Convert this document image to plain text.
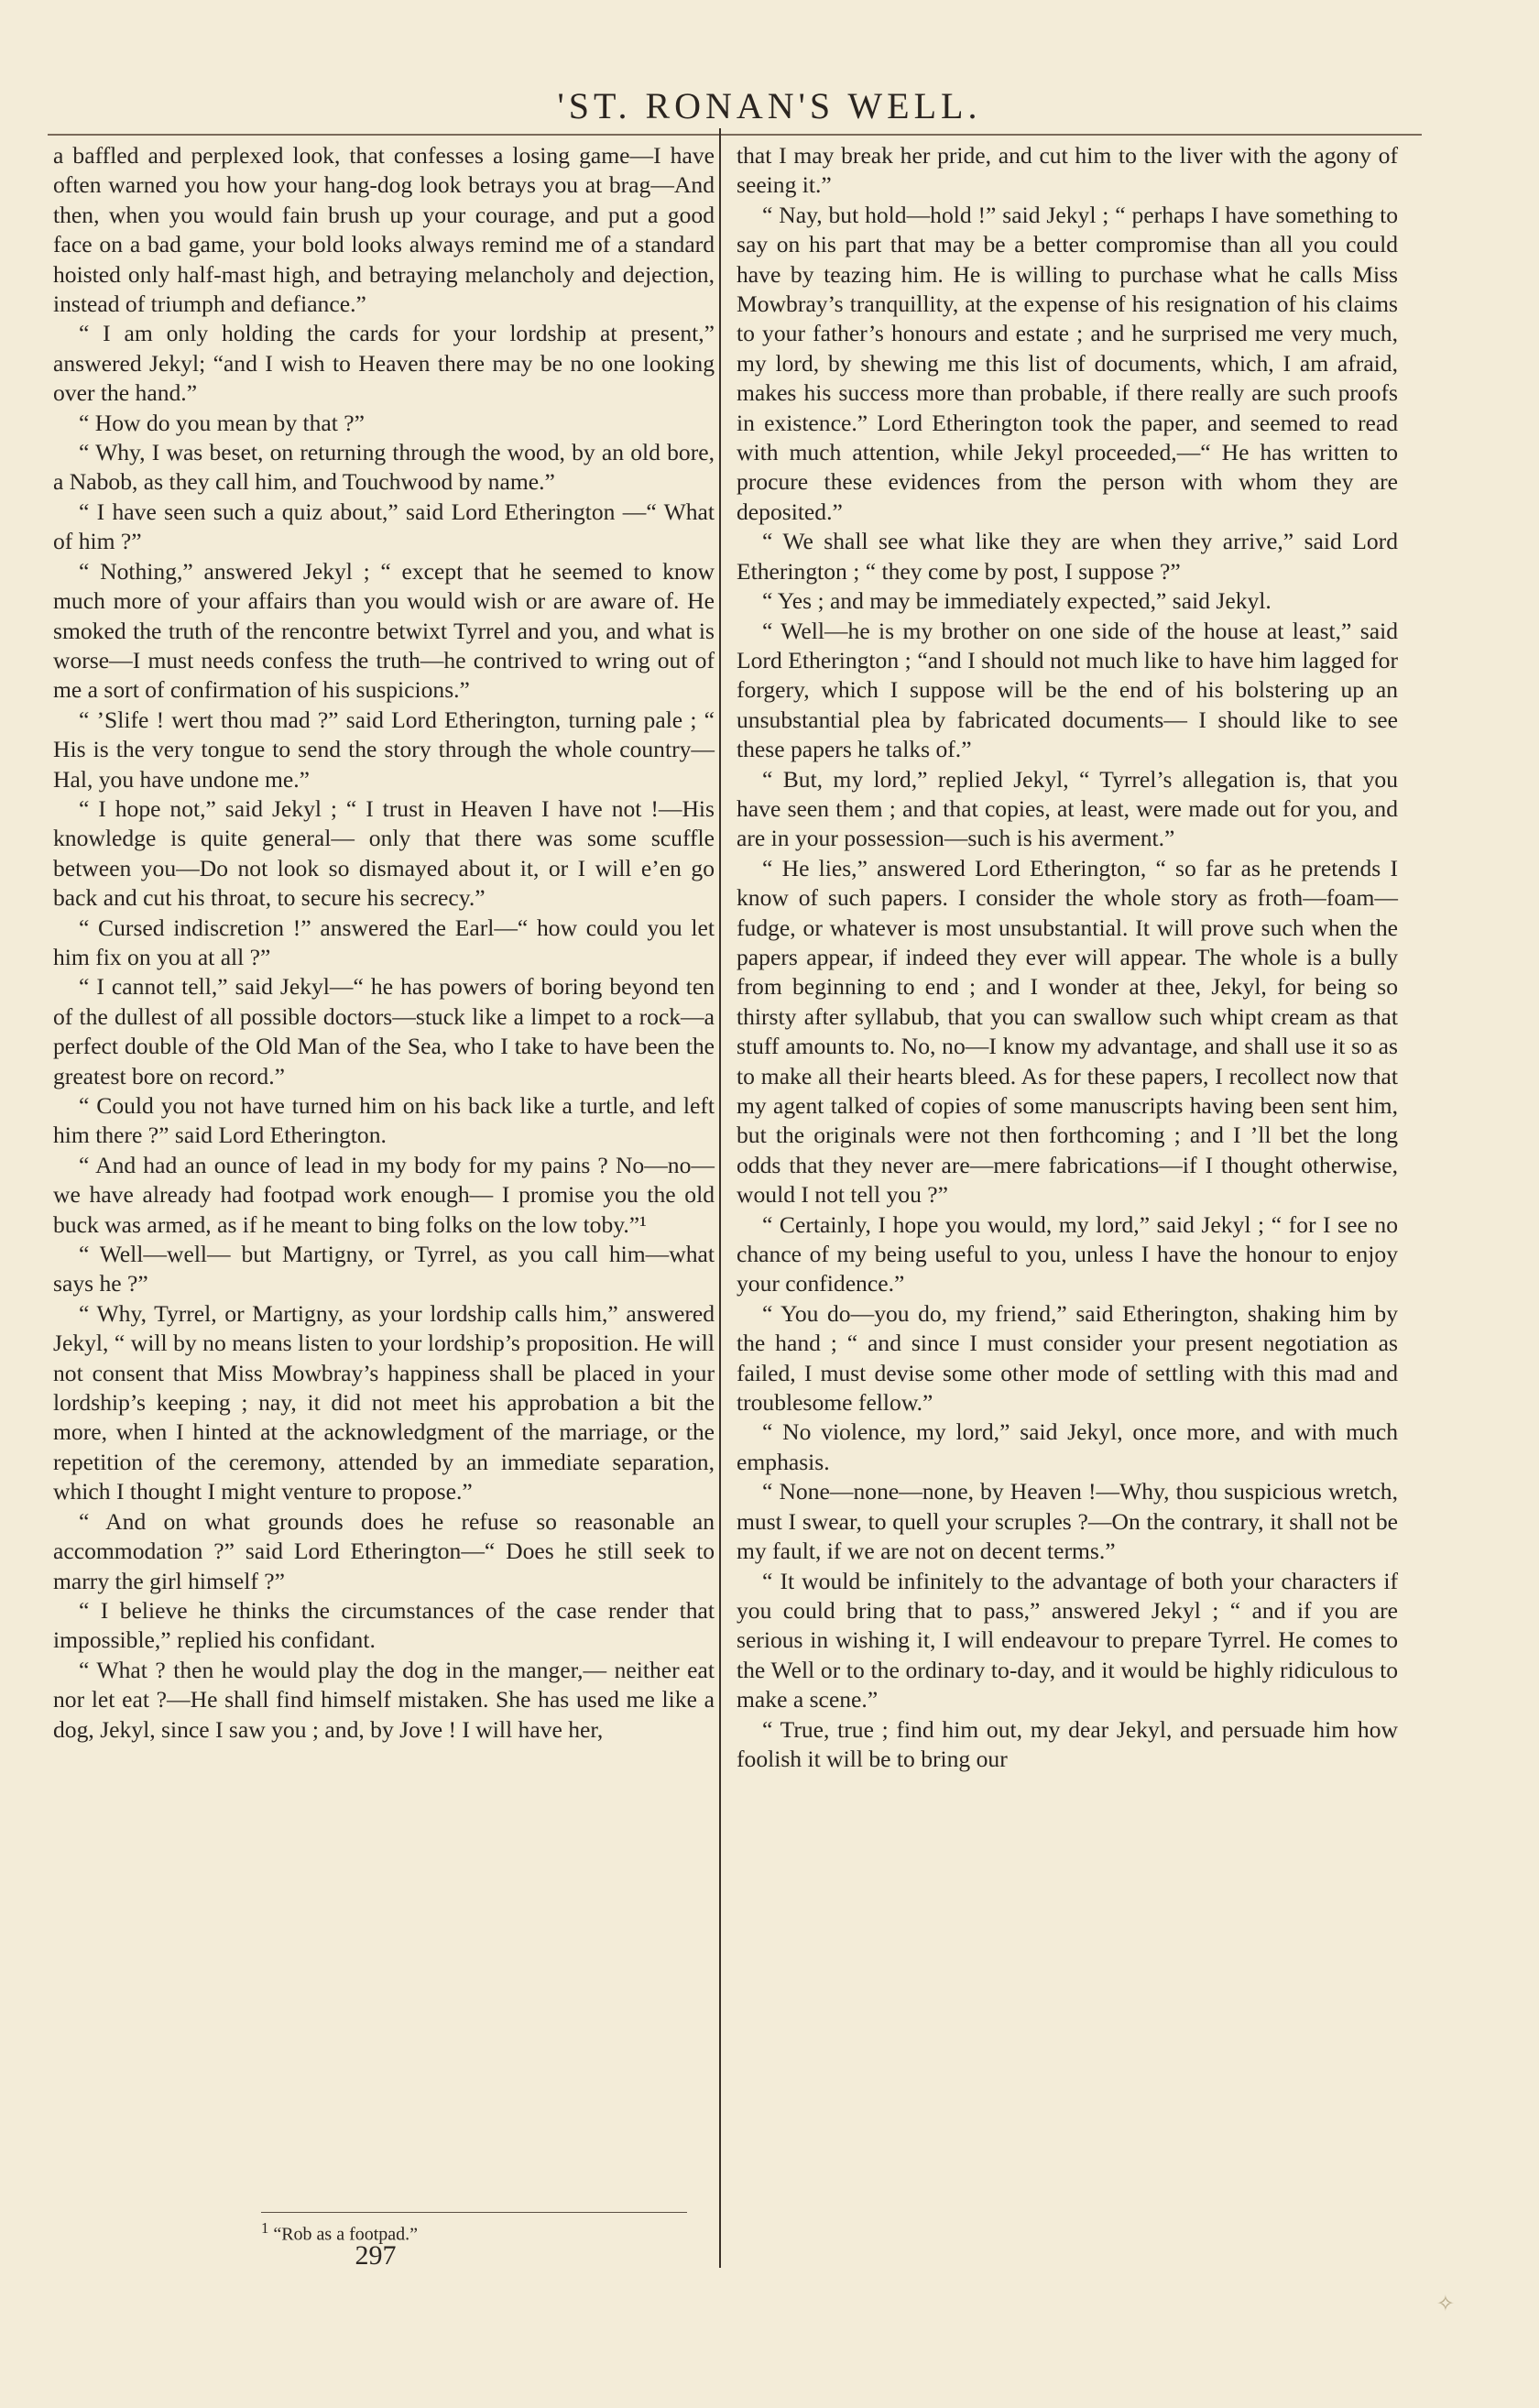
'ST. RONAN'S WELL.

a baffled and perplexed look, that confesses a losing game—I have often warned you how your hang-dog look betrays you at brag—And then, when you would fain brush up your courage, and put a good face on a bad game, your bold looks always remind me of a standard hoisted only half-mast high, and betraying melancholy and dejection, instead of triumph and defiance.”

“ I am only holding the cards for your lordship at present,” answered Jekyl; “and I wish to Heaven there may be no one looking over the hand.”

“ How do you mean by that ?”

“ Why, I was beset, on returning through the wood, by an old bore, a Nabob, as they call him, and Touchwood by name.”

“ I have seen such a quiz about,” said Lord Etherington —“ What of him ?”

“ Nothing,” answered Jekyl ; “ except that he seemed to know much more of your affairs than you would wish or are aware of. He smoked the truth of the rencontre betwixt Tyrrel and you, and what is worse—I must needs confess the truth—he contrived to wring out of me a sort of confirmation of his suspicions.”

“ ’Slife ! wert thou mad ?” said Lord Etherington, turning pale ; “ His is the very tongue to send the story through the whole country—Hal, you have undone me.”

“ I hope not,” said Jekyl ; “ I trust in Heaven I have not !—His knowledge is quite general— only that there was some scuffle between you—Do not look so dismayed about it, or I will e’en go back and cut his throat, to secure his secrecy.”

“ Cursed indiscretion !” answered the Earl—“ how could you let him fix on you at all ?”

“ I cannot tell,” said Jekyl—“ he has powers of boring beyond ten of the dullest of all possible doctors—stuck like a limpet to a rock—a perfect double of the Old Man of the Sea, who I take to have been the greatest bore on record.”

“ Could you not have turned him on his back like a turtle, and left him there ?” said Lord Etherington.

“ And had an ounce of lead in my body for my pains ? No—no—we have already had footpad work enough— I promise you the old buck was armed, as if he meant to bing folks on the low toby.”¹

“ Well—well— but Martigny, or Tyrrel, as you call him—what says he ?”

“ Why, Tyrrel, or Martigny, as your lordship calls him,” answered Jekyl, “ will by no means listen to your lordship’s proposition. He will not consent that Miss Mowbray’s happiness shall be placed in your lordship’s keeping ; nay, it did not meet his approbation a bit the more, when I hinted at the acknowledgment of the marriage, or the repetition of the ceremony, attended by an immediate separation, which I thought I might venture to propose.”

“ And on what grounds does he refuse so reasonable an accommodation ?” said Lord Etherington—“ Does he still seek to marry the girl himself ?”

“ I believe he thinks the circumstances of the case render that impossible,” replied his confidant.

“ What ? then he would play the dog in the manger,— neither eat nor let eat ?—He shall find himself mistaken. She has used me like a dog, Jekyl, since I saw you ; and, by Jove ! I will have her,

that I may break her pride, and cut him to the liver with the agony of seeing it.”

“ Nay, but hold—hold !” said Jekyl ; “ perhaps I have something to say on his part that may be a better compromise than all you could have by teazing him. He is willing to purchase what he calls Miss Mowbray’s tranquillity, at the expense of his resignation of his claims to your father’s honours and estate ; and he surprised me very much, my lord, by shewing me this list of documents, which, I am afraid, makes his success more than probable, if there really are such proofs in existence.” Lord Etherington took the paper, and seemed to read with much attention, while Jekyl proceeded,—“ He has written to procure these evidences from the person with whom they are deposited.”

“ We shall see what like they are when they arrive,” said Lord Etherington ; “ they come by post, I suppose ?”

“ Yes ; and may be immediately expected,” said Jekyl.

“ Well—he is my brother on one side of the house at least,” said Lord Etherington ; “and I should not much like to have him lagged for forgery, which I suppose will be the end of his bolstering up an unsubstantial plea by fabricated documents— I should like to see these papers he talks of.”

“ But, my lord,” replied Jekyl, “ Tyrrel’s allegation is, that you have seen them ; and that copies, at least, were made out for you, and are in your possession—such is his averment.”

“ He lies,” answered Lord Etherington, “ so far as he pretends I know of such papers. I consider the whole story as froth—foam—fudge, or whatever is most unsubstantial. It will prove such when the papers appear, if indeed they ever will appear. The whole is a bully from beginning to end ; and I wonder at thee, Jekyl, for being so thirsty after syllabub, that you can swallow such whipt cream as that stuff amounts to. No, no—I know my advantage, and shall use it so as to make all their hearts bleed. As for these papers, I recollect now that my agent talked of copies of some manuscripts having been sent him, but the originals were not then forthcoming ; and I ’ll bet the long odds that they never are—mere fabrications—if I thought otherwise, would I not tell you ?”

“ Certainly, I hope you would, my lord,” said Jekyl ; “ for I see no chance of my being useful to you, unless I have the honour to enjoy your confidence.”

“ You do—you do, my friend,” said Etherington, shaking him by the hand ; “ and since I must consider your present negotiation as failed, I must devise some other mode of settling with this mad and troublesome fellow.”

“ No violence, my lord,” said Jekyl, once more, and with much emphasis.

“ None—none—none, by Heaven !—Why, thou suspicious wretch, must I swear, to quell your scruples ?—On the contrary, it shall not be my fault, if we are not on decent terms.”

“ It would be infinitely to the advantage of both your characters if you could bring that to pass,” answered Jekyl ; “ and if you are serious in wishing it, I will endeavour to prepare Tyrrel. He comes to the Well or to the ordinary to-day, and it would be highly ridiculous to make a scene.”

“ True, true ; find him out, my dear Jekyl, and persuade him how foolish it will be to bring our

$^1$ “Rob as a footpad.”
297
✧
